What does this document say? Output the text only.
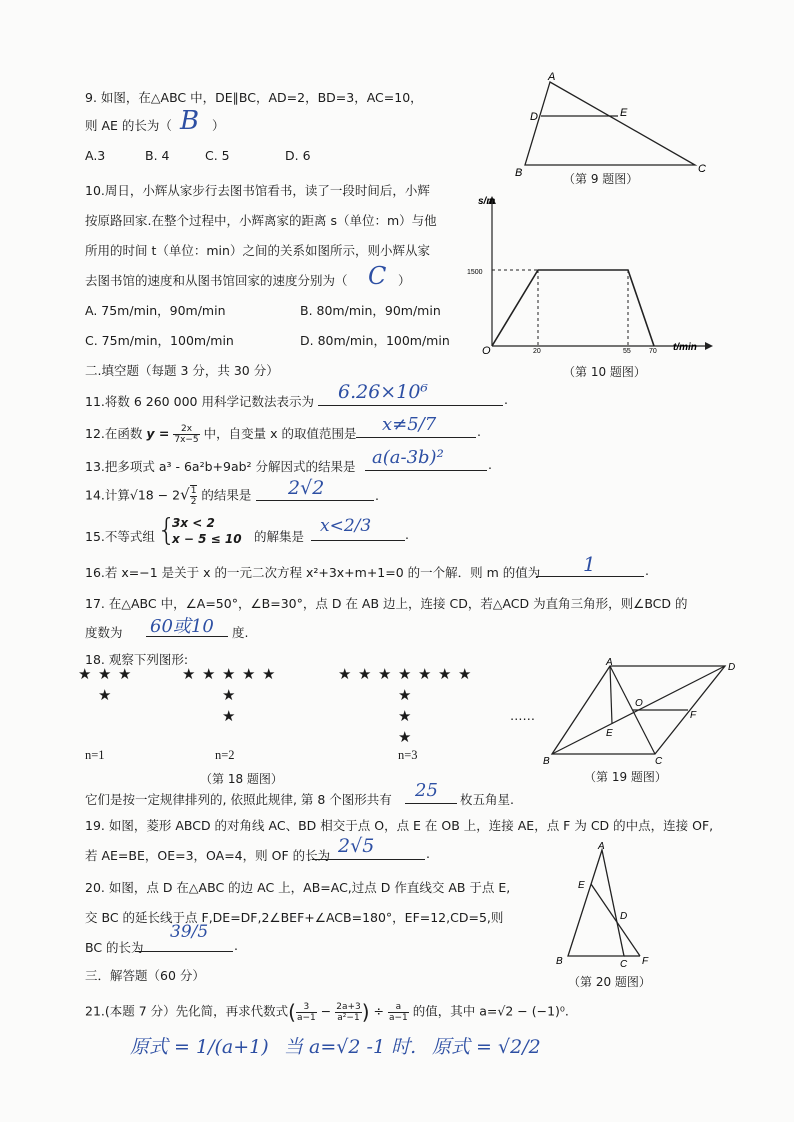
9. 如图，在△ABC 中，DE∥BC，AD=2，BD=3，AC=10，
则 AE 的长为（ B ）
A.3	B. 4	C. 5	D. 6
A
D	E
B	C
（第 9 题图）
10.周日，小辉从家步行去图书馆看书，读了一段时间后，小辉
按原路回家.在整个过程中，小辉离家的距离 s（单位：m）与他
所用的时间 t（单位：min）之间的关系如图所示，则小辉从家
去图书馆的速度和从图书馆回家的速度分别为（ C ）
A. 75m/min，90m/min	B. 80m/min，90m/min
C. 75m/min，100m/min	D. 80m/min，100m/min
s/m
t/min
O
1500
20	55	70
（第 10 题图）
二.填空题（每题 3 分，共 30 分）
11.将数 6 260 000 用科学记数法表示为 6.26×10⁶	.
12.在函数 $y = \frac{2x}{7x-5}$ 中，自变量 x 的取值范围是 x≠5/7	.
13.把多项式 a³ - 6a²b+9ab² 分解因式的结果是 a(a-3b)²	.
14.计算$√18 - 2√ \frac{1}{2}$ 的结果是 2√2	.
15.不等式组 {
3x < 2
x − 5 ≤ 10 的解集是
x<2/3	.
16.若 x=−1 是关于 x 的一元二次方程 x²+3x+m+1=0 的一个解．则 m 的值为 1	.
17. 在△ABC 中，∠A=50°，∠B=30°，点 D 在 AB 边上，连接 CD，若△ACD 为直角三角形，则∠BCD 的
度数为 60或10 度.
18. 观察下列图形:
★ ★ ★
★
★ ★ ★ ★ ★
★
★
★ ★ ★ ★ ★ ★ ★
★
★
★
……
n=1	n=2	n=3
（第 18 题图）
它们是按一定规律排列的, 依照此规律, 第 8 个图形共有 25 枚五角星.
A	D
O
E
F
B	C
（第 19 题图）
19. 如图，菱形 ABCD 的对角线 AC、BD 相交于点 O，点 E 在 OB 上，连接 AE，点 F 为 CD 的中点，连接 OF,
若 AE=BE，OE=3，OA=4，则 OF 的长为 2√5	.
20. 如图，点 D 在△ABC 的边 AC 上，AB=AC,过点 D 作直线交 AB 于点 E,
交 BC 的延长线于点 F,DE=DF,2∠BEF+∠ACB=180°，EF=12,CD=5,则
BC 的长为
39/5
.
A
E
D
B	C F
（第 20 题图）
三．解答题（60 分）
21.(本题 7 分）先化简，再求代数式( $\frac{3}{a-1} - \frac{2a+3}{\text{a²−1}}$ ) ÷ $\frac{a}{a-1}$ 的值，其中 a=√2 − (−1)⁰.
原式 = 1/(a+1) 当 a=√2 -1 时. 原式 = √2/2
